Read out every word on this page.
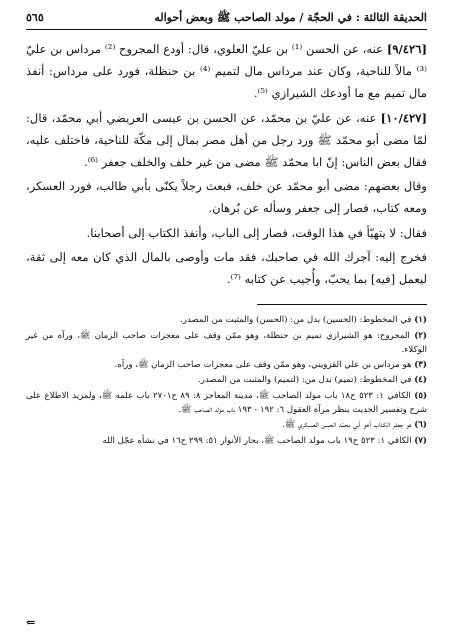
الحديقة الثالثة : في الحجّة / مولد الصاحب ﷺ وبعض أحواله
٥٦٥

[٩/٤٢٦] عنه، عن الحسن ⁽¹⁾ بن عليّ العلوي، قال: أودع المجروح ⁽²⁾ مرداس بن عليّ ⁽³⁾ مالاً للناحية، وكان عند مرداس مال لتميم ⁽⁴⁾ بن حنظلة، فورد على مرداس: أنفذ مال تميم مع ما أودعك الشيرازي ⁽⁵⁾.

[١٠/٤٢٧] عنه، عن عليّ بن محمّد، عن الحسن بن عيسى العريضي أبي محمّد، قال: لمّا مضى أبو محمّد ﷺ ورد رجل من أهل مصر بمال إلى مكّة للناحية، فاختلف عليه، فقال بعض الناس: إنّ ابا محمّد ﷺ مضى من غير خلف والخلف جعفر ⁽⁶⁾.

وقال بعضهم: مضى أبو محمّد عن خلف، فبعث رجلاً يكنّى بأبي طالب، فورد العسكر، ومعه كتاب، فصار إلى جعفر وسأله عن بُرهان.

فقال: لا يتهيّأ في هذا الوقت، فصار إلى الباب، وأنفذ الكتاب إلى أصحابنا.

فخرج إليه: آجرك الله في صاحبك، فقد مات وأوصى بالمال الذي كان معه إلى ثقة، ليعمل [فيه] بما يحبّ، وأُجيب عن كتابه ⁽⁷⁾.

(١) في المخطوط: (الحسين) بدل من: (الحسن) والمثبت من المصدر.

(٢) المجروح: هو الشيرازي تميم بن حنظلة، وهو ممّن وقف على معجزات صاحب الزمان ﷺ، ورآه من غير الوكلاء.

(٣) هو مرداس بن علي القزويني، وهو ممّن وقف على معجزات صاحب الزمان ﷺ، ورآه.

(٤) في المخطوط: (تميم) بدل من: (لتميم) والمثبت من المصدر.

(٥) الكافي ١: ٥٢٣ ح١٨ باب مولد الصاحب ﷺ، مدينة المعاجز ٨: ٨٩ ح٢٧٠١ باب علمه ﷺ، ولمزيد الاطلاع على شرح وتفسير الحديث ينظر مرآة العقول ٦: ١٩٢ - ١٩٣ باب مولد الصاحب ﷺ.

(٦) هو جعفر الكذاب أخو أبي محمّد الحسن العسكري ﷺ.

(٧) الكافي ١: ٥٢٣ ح١٩ باب مولد الصاحب ﷺ، بحار الأنوار ٥١: ٢٩٩ ح١٦ في نشأه عجّل الله

⇐
